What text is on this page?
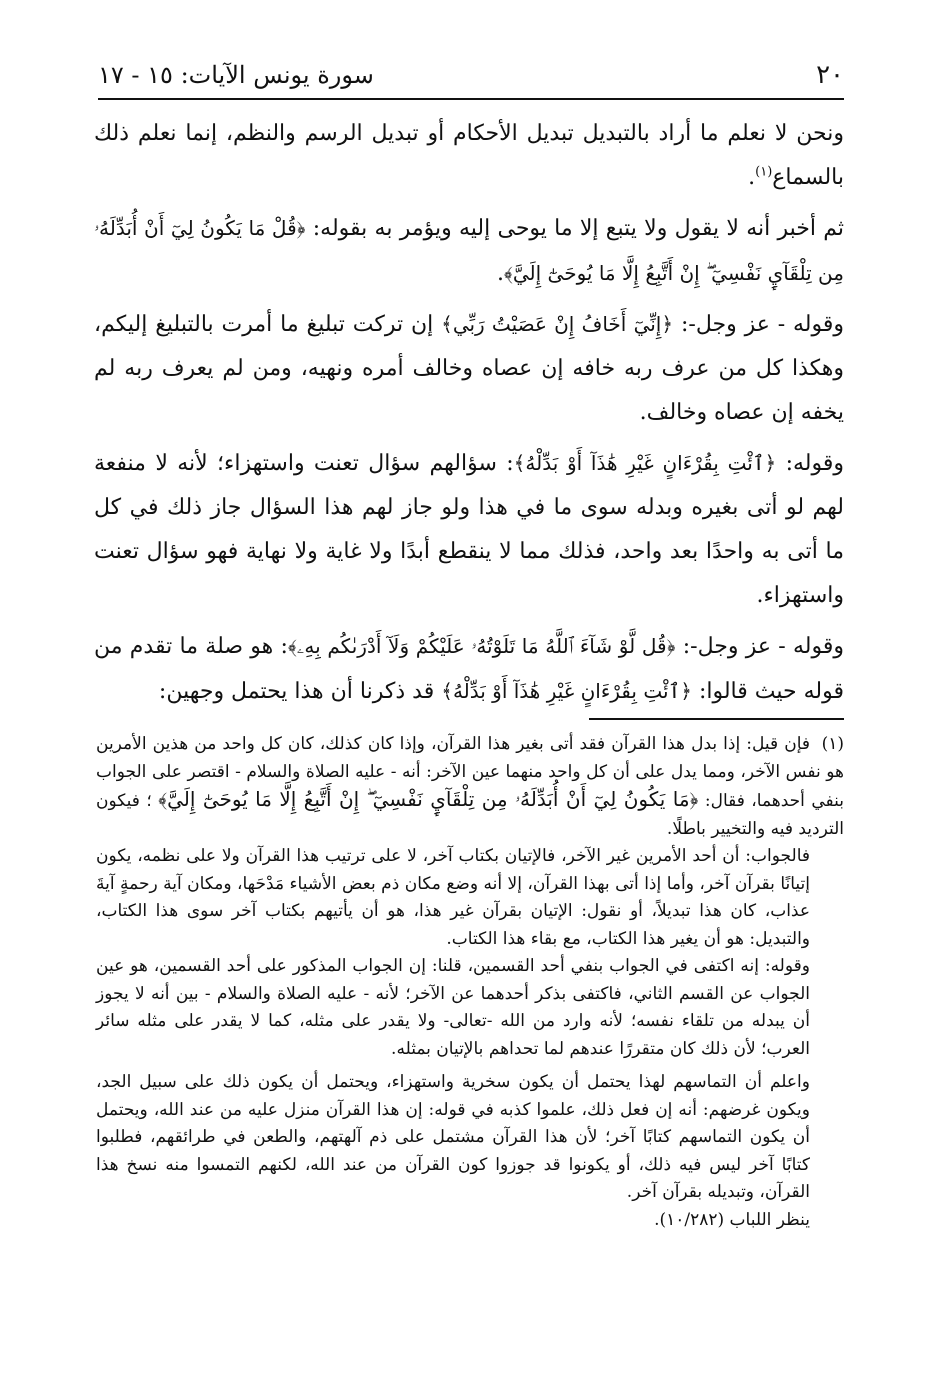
٢٠
سورة يونس الآيات: ١٥ - ١٧

ونحن لا نعلم ما أراد بالتبديل تبديل الأحكام أو تبديل الرسم والنظم، إنما نعلم ذلك بالسماع$^{(١)}$.

ثم أخبر أنه لا يقول ولا يتبع إلا ما يوحى إليه ويؤمر به بقوله: ﴿قُلْ مَا يَكُونُ لِيٓ أَنْ أُبَدِّلَهُۥ مِن تِلْقَآيِٕ نَفْسِيٓ ۖ إِنْ أَتَّبِعُ إِلَّا مَا يُوحَىٰٓ إِلَيَّ﴾.

وقوله - عز وجل-: ﴿إِنِّيٓ أَخَافُ إِنْ عَصَيْتُ رَبِّي﴾ إن تركت تبليغ ما أمرت بالتبليغ إليكم، وهكذا كل من عرف ربه خافه إن عصاه وخالف أمره ونهيه، ومن لم يعرف ربه لم يخفه إن عصاه وخالف.

وقوله: ﴿ٱئْتِ بِقُرْءَانٍ غَيْرِ هَٰذَآ أَوْ بَدِّلْهُ﴾: سؤالهم سؤال تعنت واستهزاء؛ لأنه لا منفعة لهم لو أتى بغيره وبدله سوى ما في هذا ولو جاز لهم هذا السؤال جاز ذلك في كل ما أتى به واحدًا بعد واحد، فذلك مما لا ينقطع أبدًا ولا غاية ولا نهاية فهو سؤال تعنت واستهزاء.

وقوله - عز وجل-: ﴿قُل لَّوْ شَآءَ ٱللَّهُ مَا تَلَوْتُهُۥ عَلَيْكُمْ وَلَآ أَدْرَىٰكُم بِهِۦ﴾: هو صلة ما تقدم من قوله حيث قالوا: ﴿ٱئْتِ بِقُرْءَانٍ غَيْرِ هَٰذَآ أَوْ بَدِّلْهُ﴾ قد ذكرنا أن هذا يحتمل وجهين:

(١)
فإن قيل: إذا بدل هذا القرآن فقد أتى بغير هذا القرآن، وإذا كان كذلك، كان كل واحد من هذين الأمرين هو نفس الآخر، ومما يدل على أن كل واحد منهما عين الآخر: أنه - عليه الصلاة والسلام - اقتصر على الجواب بنفي أحدهما، فقال: ﴿مَا يَكُونُ لِيٓ أَنْ أُبَدِّلَهُۥ مِن تِلْقَآيِٕ نَفْسِيٓ ۖ إِنْ أَتَّبِعُ إِلَّا مَا يُوحَىٰٓ إِلَيَّ﴾ ؛ فيكون الترديد فيه والتخيير باطلًا.

فالجواب: أن أحد الأمرين غير الآخر، فالإتيان بكتاب آخر، لا على ترتيب هذا القرآن ولا على نظمه، يكون إتيانًا بقرآن آخر، وأما إذا أتى بهذا القرآن، إلا أنه وضع مكان ذم بعض الأشياء مَدْحَها، ومكان آية رحمةٍ آيةَ عذاب، كان هذا تبديلاً، أو نقول: الإتيان بقرآن غير هذا، هو أن يأتيهم بكتاب آخر سوى هذا الكتاب، والتبديل: هو أن يغير هذا الكتاب، مع بقاء هذا الكتاب.

وقوله: إنه اكتفى في الجواب بنفي أحد القسمين، قلنا: إن الجواب المذكور على أحد القسمين، هو عين الجواب عن القسم الثاني، فاكتفى بذكر أحدهما عن الآخر؛ لأنه - عليه الصلاة والسلام - بين أنه لا يجوز أن يبدله من تلقاء نفسه؛ لأنه وارد من الله -تعالى- ولا يقدر على مثله، كما لا يقدر على مثله سائر العرب؛ لأن ذلك كان متقررًا عندهم لما تحداهم بالإتيان بمثله.

واعلم أن التماسهم لهذا يحتمل أن يكون سخرية واستهزاء، ويحتمل أن يكون ذلك على سبيل الجد، ويكون غرضهم: أنه إن فعل ذلك، علموا كذبه في قوله: إن هذا القرآن منزل عليه من عند الله، ويحتمل أن يكون التماسهم كتابًا آخر؛ لأن هذا القرآن مشتمل على ذم آلهتهم، والطعن في طرائقهم، فطلبوا كتابًا آخر ليس فيه ذلك، أو يكونوا قد جوزوا كون القرآن من عند الله، لكنهم التمسوا منه نسخ هذا القرآن، وتبديله بقرآن آخر.

ينظر اللباب (١٠/٢٨٢).
